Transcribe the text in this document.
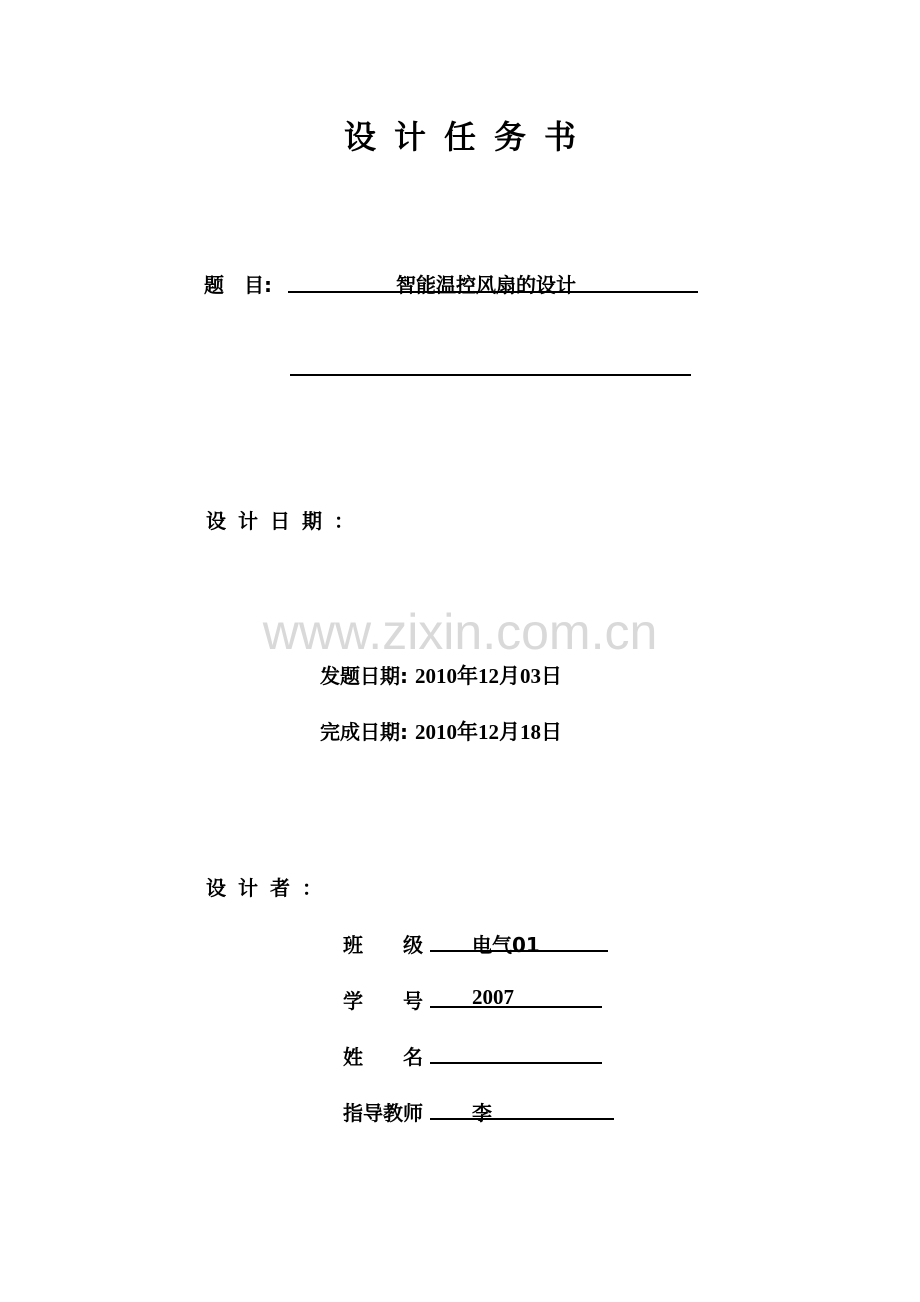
设计任务书
题　目:	智能温控风扇的设计
设计日期：
www.zixin.com.cn
发题日期: 2010年12月03日
完成日期: 2010年12月18日
设计者：
班　　级 电气01
学　　号 2007
姓　　名
指导教师 李
